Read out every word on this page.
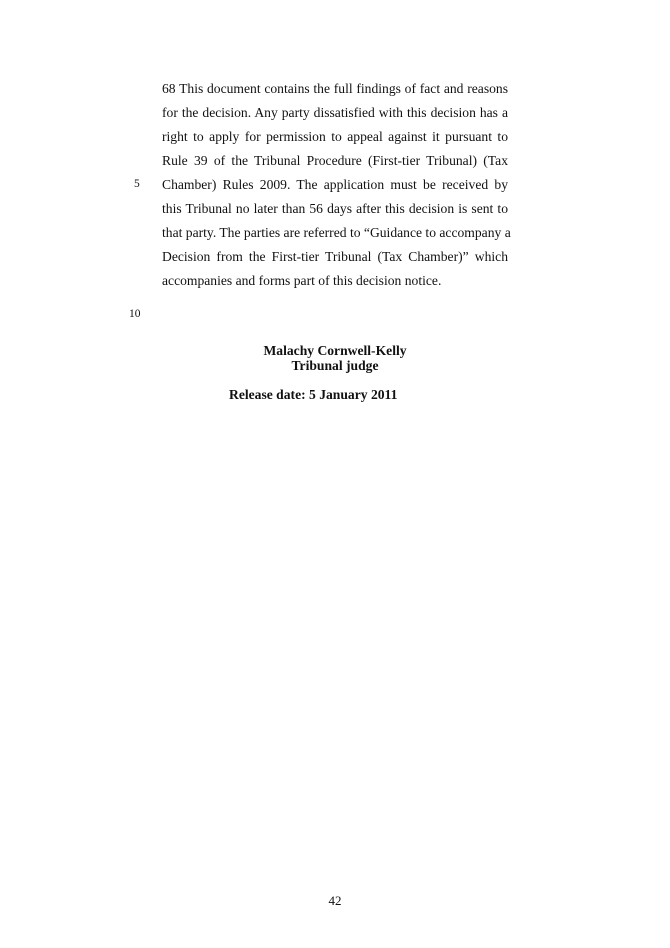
68 This document contains the full findings of fact and reasons
for the decision. Any party dissatisfied with this decision has a
right to apply for permission to appeal against it pursuant to
Rule 39 of the Tribunal Procedure (First-tier Tribunal) (Tax
Chamber) Rules 2009. The application must be received by
this Tribunal no later than 56 days after this decision is sent to
that party. The parties are referred to “Guidance to accompany a
Decision from the First-tier Tribunal (Tax Chamber)” which
accompanies and forms part of this decision notice.
5
10
Malachy Cornwell-Kelly
Tribunal judge
Release date: 5 January 2011
42
